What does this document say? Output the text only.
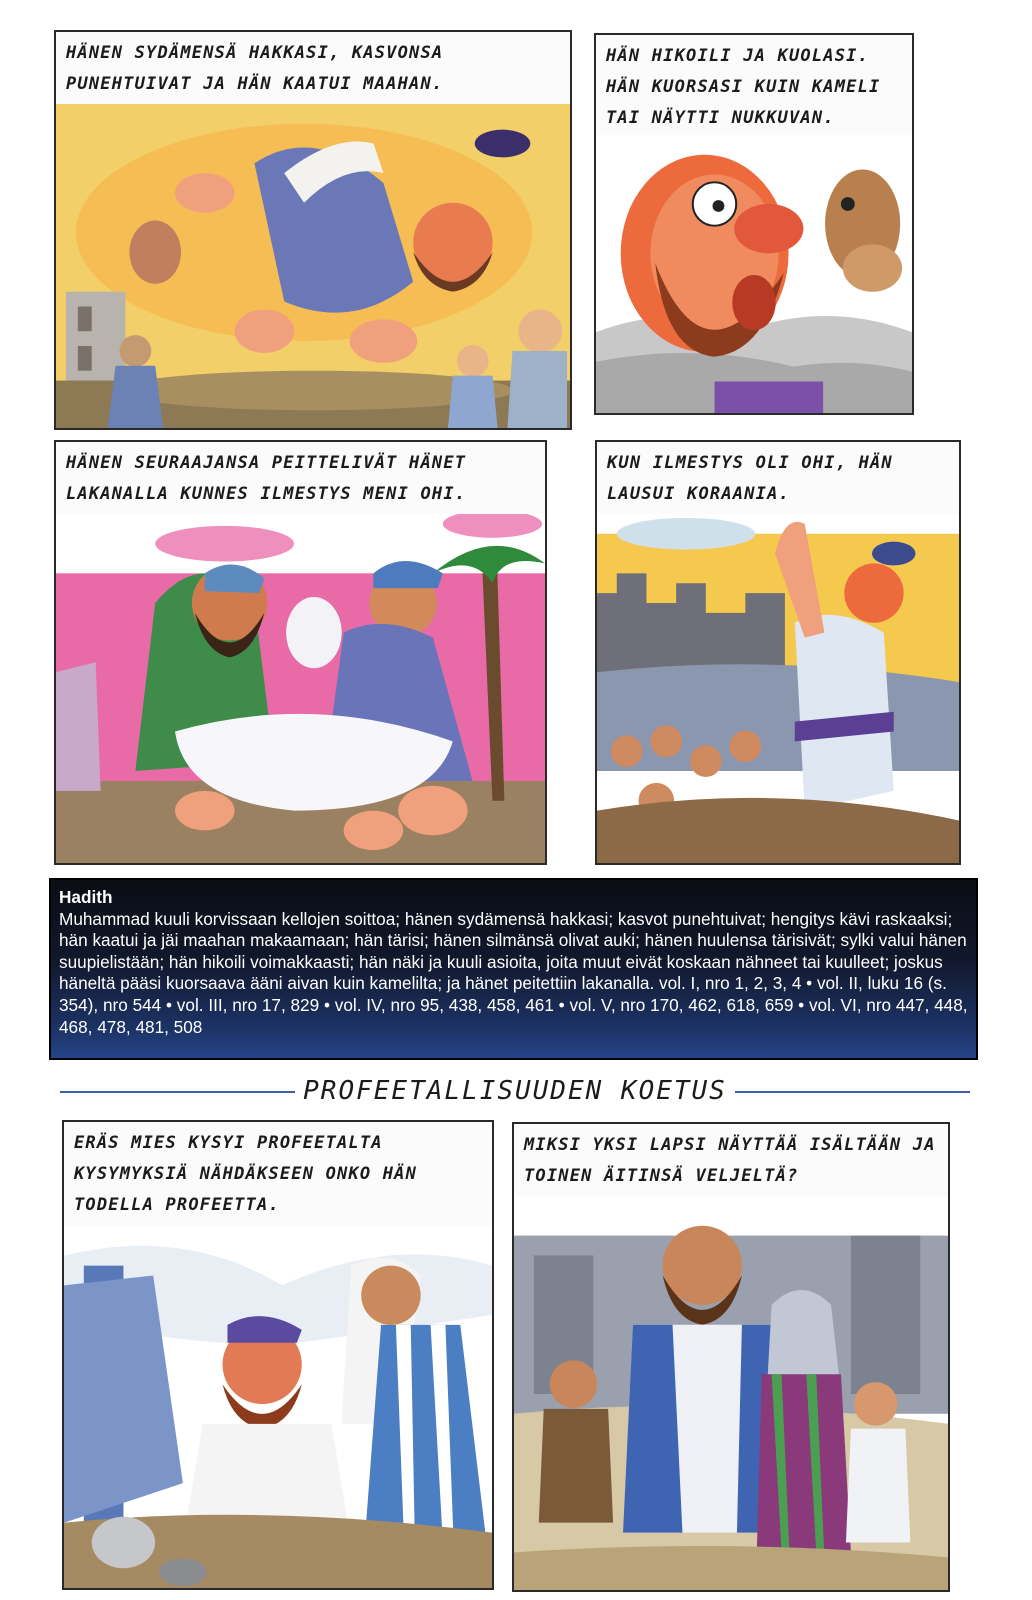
HÄNEN SYDÄMENSÄ HAKKASI, KASVONSA PUNEHTUIVAT JA HÄN KAATUI MAAHAN.
HÄN HIKOILI JA KUOLASI. HÄN KUORSASI KUIN KAMELI TAI NÄYTTI NUKKUVAN.
HÄNEN SEURAAJANSA PEITTELIVÄT HÄNET LAKANALLA KUNNES ILMESTYS MENI OHI.
KUN ILMESTYS OLI OHI, HÄN LAUSUI KORAANIA.
Hadith
Muhammad kuuli korvissaan kellojen soittoa; hänen sydämensä hakkasi; kasvot punehtuivat; hengitys kävi raskaaksi; hän kaatui ja jäi maahan makaamaan; hän tärisi; hänen silmänsä olivat auki; hänen huulensa tärisivät; sylki valui hänen suupielistään; hän hikoili voimakkaasti; hän näki ja kuuli asioita, joita muut eivät koskaan nähneet tai kuulleet; joskus häneltä pääsi kuorsaava ääni aivan kuin kamelilta; ja hänet peitettiin lakanalla. vol. I, nro 1, 2, 3, 4 • vol. II, luku 16 (s. 354), nro 544 • vol. III, nro 17, 829 • vol. IV, nro 95, 438, 458, 461 • vol. V, nro 170, 462, 618, 659 • vol. VI, nro 447, 448, 468, 478, 481, 508
PROFEETALLISUUDEN KOETUS
ERÄS MIES KYSYI PROFEETALTA KYSYMYKSIÄ NÄHDÄKSEEN ONKO HÄN TODELLA PROFEETTA.
MIKSI YKSI LAPSI NÄYTTÄÄ ISÄLTÄÄN JA TOINEN ÄITINSÄ VELJELTÄ?
